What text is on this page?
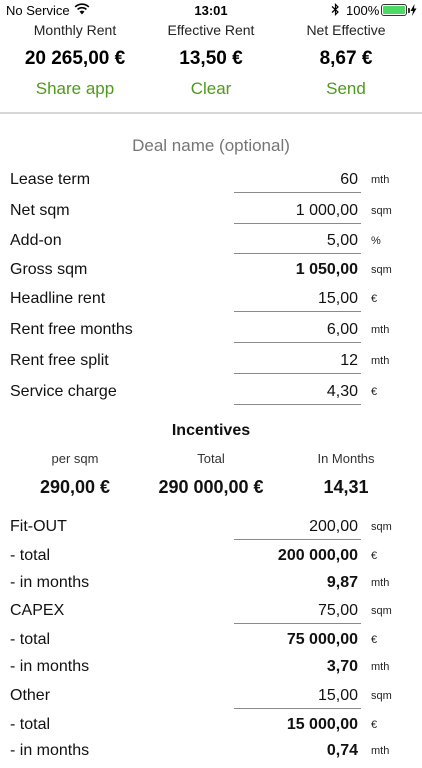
No Service	13:01	100%
Monthly Rent
20 265,00 €
Share app
Effective Rent
13,50 €
Clear
Net Effective
8,67 €
Send
Deal name (optional)
Lease term	60 mth
Net sqm	1 000,00 sqm
Add-on	5,00 %
Gross sqm	1 050,00 sqm
Headline rent	15,00 €
Rent free months	6,00 mth
Rent free split	12 mth
Service charge	4,30 €
Incentives
per sqm
290,00 €
Total
290 000,00 €
In Months
14,31
Fit-OUT	200,00 sqm
- total	200 000,00 €
- in months	9,87 mth
CAPEX	75,00 sqm
- total	75 000,00 €
- in months	3,70 mth
Other	15,00 sqm
- total	15 000,00 €
- in months	0,74 mth
